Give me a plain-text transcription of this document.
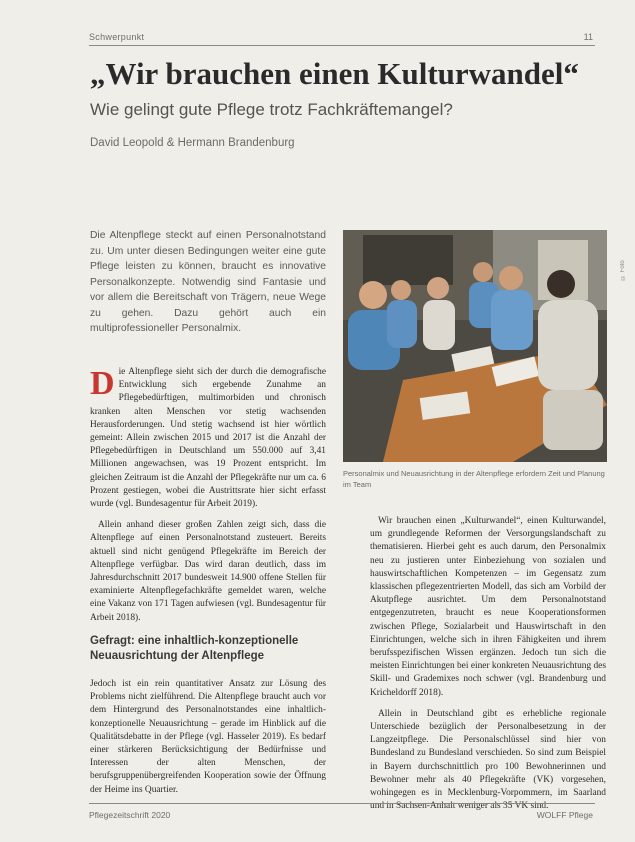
Schwerpunkt	11
„Wir brauchen einen Kulturwandel“
Wie gelingt gute Pflege trotz Fachkräftemangel?
David Leopold & Hermann Brandenburg
Die Altenpflege steckt auf einen Personalnotstand zu. Um unter diesen Bedingungen weiter eine gute Pflege leisten zu können, braucht es innovative Personalkonzepte. Notwendig sind Fantasie und vor allem die Bereitschaft von Trägern, neue Wege zu gehen. Dazu gehört auch ein multiprofessioneller Personalmix.
Personalmix und Neuausrichtung in der Altenpflege erfordern Zeit und Planung im Team

Die Altenpflege sieht sich der durch die demografische Entwicklung sich ergebende Zunahme an Pflegebedürftigen, multimorbiden und chronisch kranken alten Menschen vor stetig wachsenden Herausforderungen. Und stetig wachsend ist hier wörtlich gemeint: Allein zwischen 2015 und 2017 ist die Anzahl der Pflegebedürftigen in Deutschland um 550.000 auf 3,41 Millionen angewachsen, was 19 Prozent entspricht. Im gleichen Zeitraum ist die Anzahl der Pflegekräfte nur um ca. 6 Prozent gestiegen, wobei die Austrittsrate hier sicht erfasst wurde (vgl. Bundesagentur für Arbeit 2019).

Allein anhand dieser großen Zahlen zeigt sich, dass die Altenpflege auf einen Personalnotstand zusteuert. Bereits aktuell sind nicht genügend Pflegekräfte im Bereich der Altenpflege verfügbar. Das wird daran deutlich, dass im Jahresdurchschnitt 2017 bundesweit 14.900 offene Stellen für examinierte Altenpflegefachkräfte gemeldet waren, welche eine Vakanz von 171 Tagen aufwiesen (vgl. Bundesagentur für Arbeit 2018).

Gefragt: eine inhaltlich-konzeptionelle Neuausrichtung der Altenpflege

Jedoch ist ein rein quantitativer Ansatz zur Lösung des Problems nicht zielführend. Die Altenpflege braucht auch vor dem Hintergrund des Personalnotstandes eine inhaltlich-konzeptionelle Neuausrichtung – gerade im Hinblick auf die Qualitätsdebatte in der Pflege (vgl. Hasseler 2019). Es bedarf einer stärkeren Berücksichtigung der Bedürfnisse und Interessen der alten Menschen, der berufsgruppenübergreifenden Kooperation sowie der Öffnung der Heime ins Quartier.

Wir brauchen einen „Kulturwandel“, einen Kulturwandel, um grundlegende Reformen der Versorgungslandschaft zu thematisieren. Hierbei geht es auch darum, den Personalmix neu zu justieren unter Einbeziehung von sozialen und hauswirtschaftlichen Kompetenzen – im Gegensatz zum klassischen pflegezentrierten Modell, das sich am Vorbild der Akutpflege ausrichtet. Um dem Personalnotstand entgegenzutreten, braucht es neue Kooperationsformen zwischen Pflege, Sozialarbeit und Hauswirtschaft in den Einrichtungen, welche sich in ihren Fähigkeiten und ihrem berufsspezifischen Wissen ergänzen. Jedoch tun sich die meisten Einrichtungen bei einer konkreten Neuausrichtung des Skill- und Grademixes noch schwer (vgl. Brandenburg und Kricheldorff 2018).

Allein in Deutschland gibt es erhebliche regionale Unterschiede bezüglich der Personalbesetzung in der Langzeitpflege. Die Personalschlüssel sind hier von Bundesland zu Bundesland verschieden. So sind zum Beispiel in Bayern durchschnittlich pro 100 Bewohnerinnen und Bewohner mehr als 40 Pflegekräfte (VK) vorgesehen, wohingegen es in Mecklenburg-Vorpommern, im Saarland und in Sachsen-Anhalt weniger als 35 VK sind.

© Foto
Pflegezeitschrift 2020	WOLFF Pflege
